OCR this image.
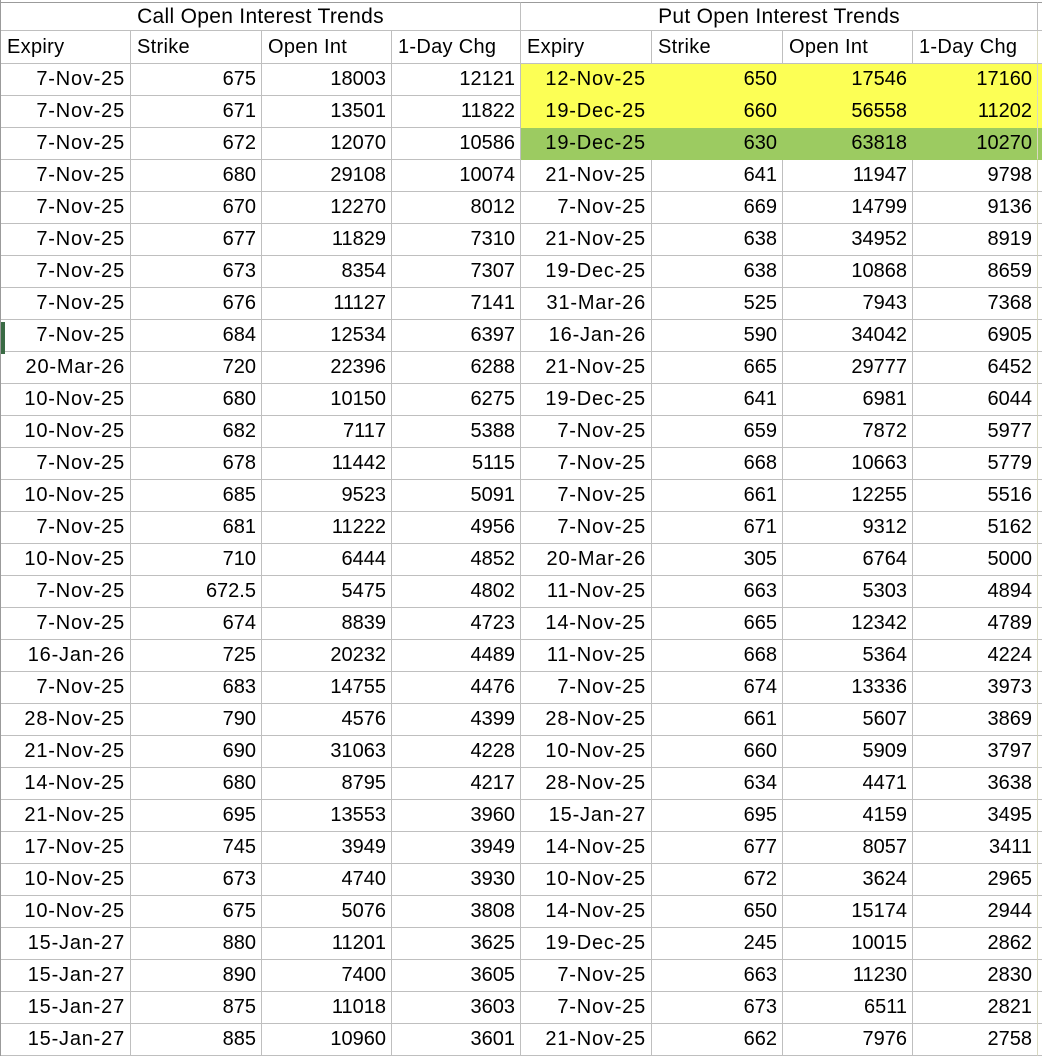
Call Open Interest Trends	Put Open Interest Trends
Expiry	Strike	Open Int	1-Day Chg	Expiry	Strike	Open Int	1-Day Chg
7-Nov-25	675	18003	12121	12-Nov-25	650	17546	17160
7-Nov-25	671	13501	11822	19-Dec-25	660	56558	11202
7-Nov-25	672	12070	10586	19-Dec-25	630	63818	10270
7-Nov-25	680	29108	10074	21-Nov-25	641	11947	9798
7-Nov-25	670	12270	8012	7-Nov-25	669	14799	9136
7-Nov-25	677	11829	7310	21-Nov-25	638	34952	8919
7-Nov-25	673	8354	7307	19-Dec-25	638	10868	8659
7-Nov-25	676	11127	7141	31-Mar-26	525	7943	7368
7-Nov-25	684	12534	6397	16-Jan-26	590	34042	6905
20-Mar-26	720	22396	6288	21-Nov-25	665	29777	6452
10-Nov-25	680	10150	6275	19-Dec-25	641	6981	6044
10-Nov-25	682	7117	5388	7-Nov-25	659	7872	5977
7-Nov-25	678	11442	5115	7-Nov-25	668	10663	5779
10-Nov-25	685	9523	5091	7-Nov-25	661	12255	5516
7-Nov-25	681	11222	4956	7-Nov-25	671	9312	5162
10-Nov-25	710	6444	4852	20-Mar-26	305	6764	5000
7-Nov-25	672.5	5475	4802	11-Nov-25	663	5303	4894
7-Nov-25	674	8839	4723	14-Nov-25	665	12342	4789
16-Jan-26	725	20232	4489	11-Nov-25	668	5364	4224
7-Nov-25	683	14755	4476	7-Nov-25	674	13336	3973
28-Nov-25	790	4576	4399	28-Nov-25	661	5607	3869
21-Nov-25	690	31063	4228	10-Nov-25	660	5909	3797
14-Nov-25	680	8795	4217	28-Nov-25	634	4471	3638
21-Nov-25	695	13553	3960	15-Jan-27	695	4159	3495
17-Nov-25	745	3949	3949	14-Nov-25	677	8057	3411
10-Nov-25	673	4740	3930	10-Nov-25	672	3624	2965
10-Nov-25	675	5076	3808	14-Nov-25	650	15174	2944
15-Jan-27	880	11201	3625	19-Dec-25	245	10015	2862
15-Jan-27	890	7400	3605	7-Nov-25	663	11230	2830
15-Jan-27	875	11018	3603	7-Nov-25	673	6511	2821
15-Jan-27	885	10960	3601	21-Nov-25	662	7976	2758
